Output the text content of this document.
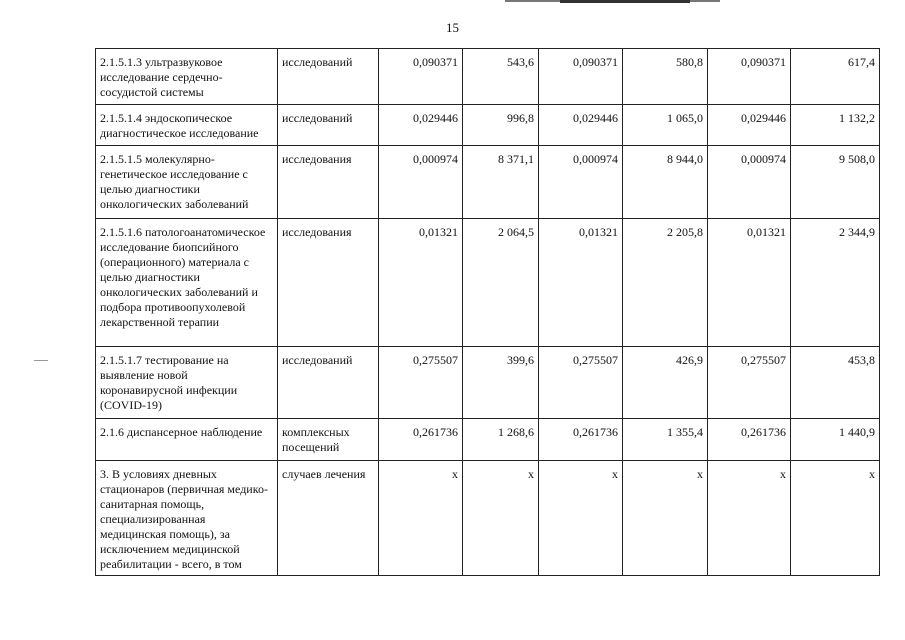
15
2.1.5.1.3 ультразвуковое исследование сердечно-сосудистой системы	исследований	0,090371	543,6	0,090371	580,8	0,090371	617,4
2.1.5.1.4 эндоскопическое диагностическое исследование	исследований	0,029446	996,8	0,029446	1 065,0	0,029446	1 132,2
2.1.5.1.5 молекулярно-генетическое исследование с целью диагностики онкологических заболеваний	исследования	0,000974	8 371,1	0,000974	8 944,0	0,000974	9 508,0
2.1.5.1.6 патологоанатомическое исследование биопсийного (операционного) материала с целью диагностики онкологических заболеваний и подбора противоопухолевой лекарственной терапии	исследования	0,01321	2 064,5	0,01321	2 205,8	0,01321	2 344,9
2.1.5.1.7 тестирование на выявление новой коронавирусной инфекции (COVID-19)	исследований	0,275507	399,6	0,275507	426,9	0,275507	453,8
2.1.6 диспансерное наблюдение	комплексных посещений	0,261736	1 268,6	0,261736	1 355,4	0,261736	1 440,9
3. В условиях дневных стационаров (первичная медико-санитарная помощь, специализированная медицинская помощь), за исключением медицинской реабилитации - всего, в том	случаев лечения	x	x	x	x	x	x
